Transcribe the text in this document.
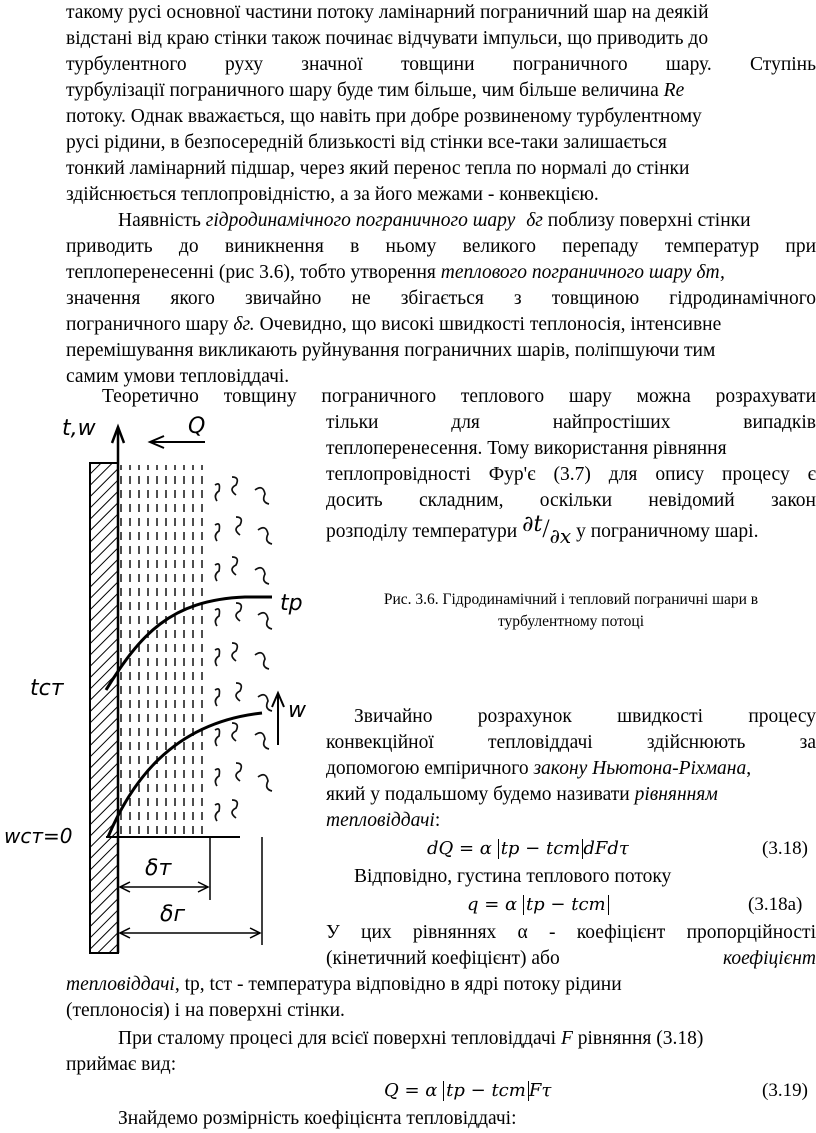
такому русі основної частини потоку ламінарний пограничний шар на деякій
відстані від краю стінки також починає відчувати імпульси, що приводить до
турбулентного руху значної товщини пограничного шару. Ступінь
турбулізації пограничного шару буде тим більше, чим більше величина Re
потоку. Однак вважається, що навіть при добре розвиненому турбулентному
русі рідини, в безпосередній близькості від стінки все-таки залишається
тонкий ламінарний підшар, через який перенос тепла по нормалі до стінки
здійснюється теплопровідністю, а за його межами - конвекцією.
Наявність гідродинамічного пограничного шару δг поблизу поверхні стінки
приводить до виникнення в ньому великого перепаду температур при
теплоперенесенні (рис 3.6), тобто утворення теплового пограничного шару δт,
значення якого звичайно не збігається з товщиною гідродинамічного
пограничного шару δг. Очевидно, що високі швидкості теплоносія, інтенсивне
перемішування викликають руйнування пограничних шарів, поліпшуючи тим
самим умови тепловіддачі.
Теоретично товщину пограничного теплового шару можна розрахувати
тільки для найпростіших випадків
теплоперенесення. Тому використання рівняння
теплопровідності Фур'є (3.7) для опису процесу є
досить складним, оскільки невідомий закон
розподілу температури ∂t/∂x у пограничному шарі.
Рис. 3.6. Гідродинамічний і тепловий пограничні шари в
турбулентному потоці
Q
t,w
tр
tст
w
wст=0
δт
δг
Звичайно розрахунок швидкості процесу
конвекційної тепловіддачі здійснюють за
допомогою емпіричного закону Ньютона-Ріхмана,
який у подальшому будемо називати рівнянням
тепловіддачі:
dQ = α tр − tст dFdτ	(3.18)
Відповідно, густина теплового потоку
q = α tр − tст	(3.18а)
У цих рівняннях α - коефіцієнт пропорційності
(кінетичний коефіцієнт) або	коефіцієнт
тепловіддачі, tр, tст - температура відповідно в ядрі потоку рідини
(теплоносія) і на поверхні стінки.
При сталому процесі для всієї поверхні тепловіддачі F рівняння (3.18)
приймає вид:
Q = α tр − tст Fτ	(3.19)
Знайдемо розмірність коефіцієнта тепловіддачі:
